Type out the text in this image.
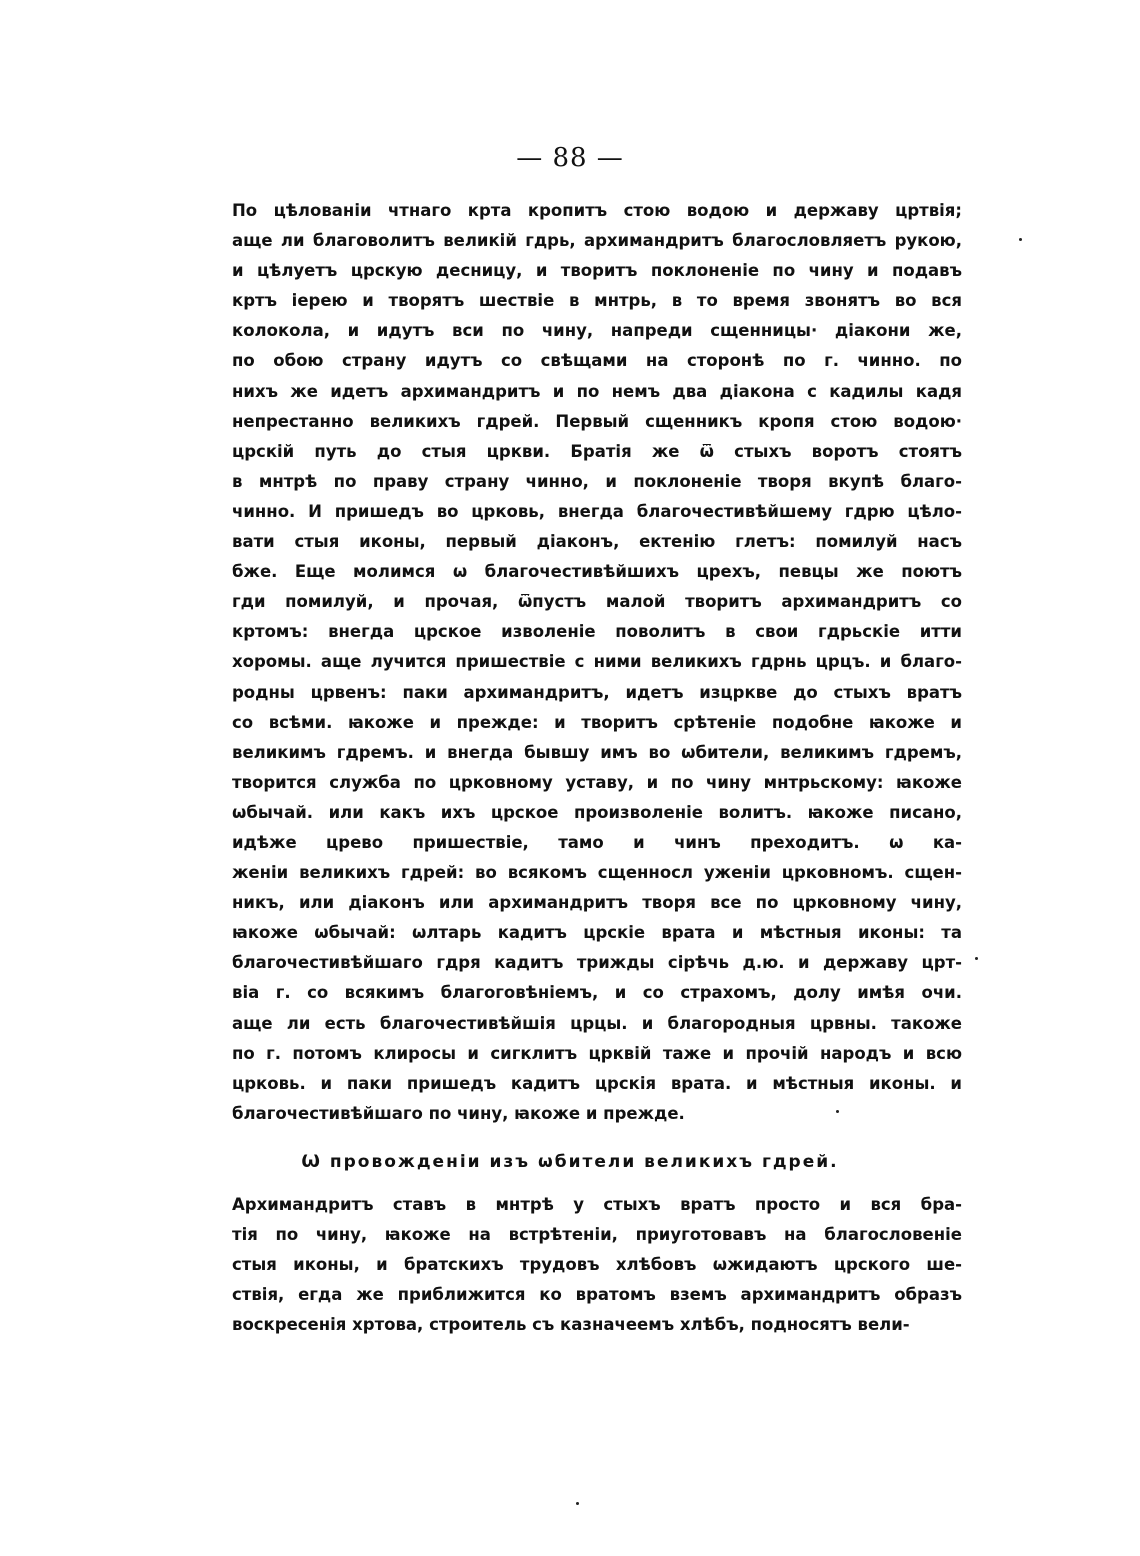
— 88 —
По цѣлованіи чтнаго крта кропитъ стою водою и державу цртвія;
аще ли благоволитъ великій гдрь, архимандритъ благословляетъ рукою,
и цѣлуетъ црскую десницу, и творитъ поклоненіе по чину и подавъ
кртъ іерею и творятъ шествіе в мнтрь, в то время звонятъ во вся
колокола, и идутъ вси по чину, напреди сщенницы· діакони же,
по обою страну идутъ со свѣщами на сторонѣ по г. чинно. по
нихъ же идетъ архимандритъ и по немъ два діакона с кадилы кадя
непрестанно великихъ гдрей. Первый сщенникъ кропя стою водою·
црскій путь до стыя цркви. Братія же ѿ стыхъ воротъ стоятъ
в мнтрѣ по праву страну чинно, и поклоненіе творя вкупѣ благо-
чинно. И пришедъ во црковь, внегда благочестивѣйшему гдрю цѣло-
вати стыя иконы, первый діаконъ, ектенію глетъ: помилуй насъ
бже. Еще молимся ѡ благочестивѣйшихъ црехъ, певцы же поютъ
гди помилуй, и прочая, ѿпустъ малой творитъ архимандритъ со
кртомъ: внегда црское изволеніе поволитъ в свои гдрьскіе итти
хоромы. аще лучится пришествіе с ними великихъ гдрнь црцъ. и благо-
родны црвенъ: паки архимандритъ, идетъ изцркве до стыхъ вратъ
со всѣми. ꙗкоже и прежде: и творитъ срѣтеніе подобне ꙗкоже и
великимъ гдремъ. и внегда бывшу имъ во ѡбители, великимъ гдремъ,
творится служба по црковному уставу, и по чину мнтрьскому: ꙗкоже
ѡбычай. или какъ ихъ црское произволеніе волитъ. ꙗкоже писано,
идѣже цревo пришествіе, тамо и чинъ преходитъ. ѡ ка-
женіи великихъ гдрей: во всякомъ сщенносл уженіи црковномъ. сщен-
никъ, или діаконъ или архимандритъ творя все по црковному чину,
ꙗкоже ѡбычай: ѡлтарь кадитъ црскіе врата и мѣстныя иконы: та
благочестивѣйшаго гдря кадитъ трижды сірѣчь д.ю. и державу црт-
віа г. со всякимъ благоговѣніемъ, и со страхомъ, долу имѣя очи.
аще ли есть благочестивѣйшія црцы. и благородныя црвны. такоже
по г. потомъ клиросы и сигклитъ црквій таже и прочій народъ и всю
црковь. и паки пришедъ кадитъ црскія врата. и мѣстныя иконы. и
благочестивѣйшаго по чину, ꙗкоже и прежде.
Ѡ провожденіи изъ ѡбители великихъ гдрей.
Архимандритъ ставъ в мнтрѣ у стыхъ вратъ просто и вся бра-
тія по чину, ꙗкоже на встрѣтеніи, приуготовавъ на благословеніе
стыя иконы, и братскихъ трудовъ хлѣбовъ ѡжидаютъ црского ше-
ствія, егда же приближится ко вратомъ вземъ архимандритъ образъ
воскресенія хртова, строитель съ казначеемъ хлѣбъ, подносятъ вели-
